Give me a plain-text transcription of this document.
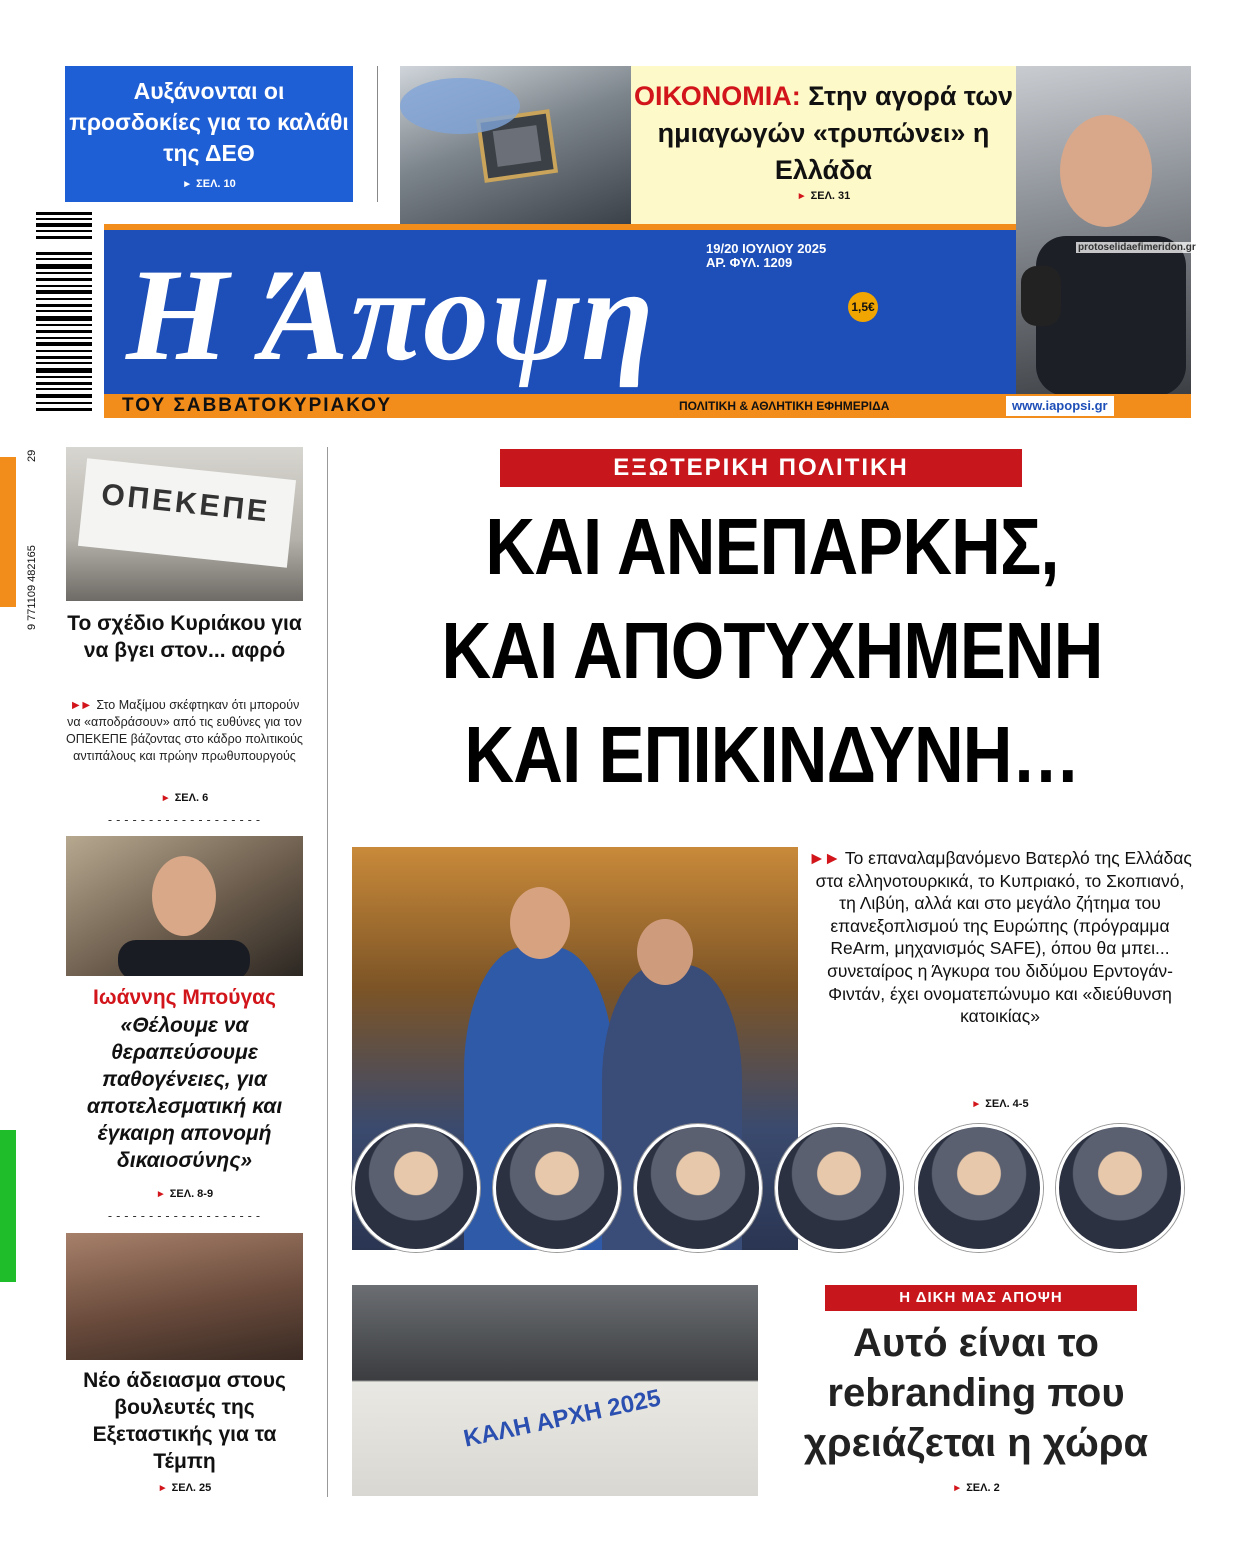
Αυξάνονται οι προσδοκίες για το καλάθι της ΔΕΘ
► ΣΕΛ. 10
ΟΙΚΟΝΟΜΙΑ: Στην αγορά των ημιαγωγών «τρυπώνει» η Ελλάδα
► ΣΕΛ. 31
protoselidaefimeridon.gr
9 771109 482165
29
Η Άποψη	19/20 ΙΟΥΛΙΟΥ 2025
ΑΡ. ΦΥΛ. 1209
1,5€
ΤΟΥ ΣΑΒΒΑΤΟΚΥΡΙΑΚΟΥ	ΠΟΛΙΤΙΚΗ & ΑΘΛΗΤΙΚΗ ΕΦΗΜΕΡΙΔΑ	www.iapopsi.gr
ΟΠΕΚΕΠΕ
Το σχέδιο Κυριάκου για να βγει στον... αφρό
►► Στο Μαξίμου σκέφτηκαν ότι μπορούν να «αποδράσουν» από τις ευθύνες για τον ΟΠΕΚΕΠΕ βάζοντας στο κάδρο πολιτικούς αντιπάλους και πρώην πρωθυπουργούς
► ΣΕΛ. 6
-------------------
Ιωάννης Μπούγας
«Θέλουμε να θεραπεύσουμε παθογένειες, για αποτελεσματική και έγκαιρη απονομή δικαιοσύνης»
► ΣΕΛ. 8-9
-------------------
Νέο άδειασμα στους βουλευτές της Εξεταστικής για τα Τέμπη
► ΣΕΛ. 25
ΕΞΩΤΕΡΙΚΗ ΠΟΛΙΤΙΚΗ
ΚΑΙ ΑΝΕΠΑΡΚΗΣ,
ΚΑΙ ΑΠΟΤΥΧΗΜΕΝΗ
ΚΑΙ ΕΠΙΚΙΝΔΥΝΗ…
►► Το επαναλαμβανόμενο Βατερλό της Ελλάδας στα ελληνοτουρκικά, το Κυπριακό, το Σκοπιανό, τη Λιβύη, αλλά και στο μεγάλο ζήτημα του επανεξοπλισμού της Ευρώπης (πρόγραμμα ReArm, μηχανισμός SAFE), όπου θα μπει... συνεταίρος η Άγκυρα του διδύμου Ερντογάν-Φιντάν, έχει ονοματεπώνυμο και «διεύθυνση κατοικίας»
► ΣΕΛ. 4-5
ΚΑΛΗ ΑΡΧΗ 2025
Η ΔΙΚΗ ΜΑΣ ΑΠΟΨΗ
Αυτό είναι το rebranding που χρειάζεται η χώρα
► ΣΕΛ. 2
